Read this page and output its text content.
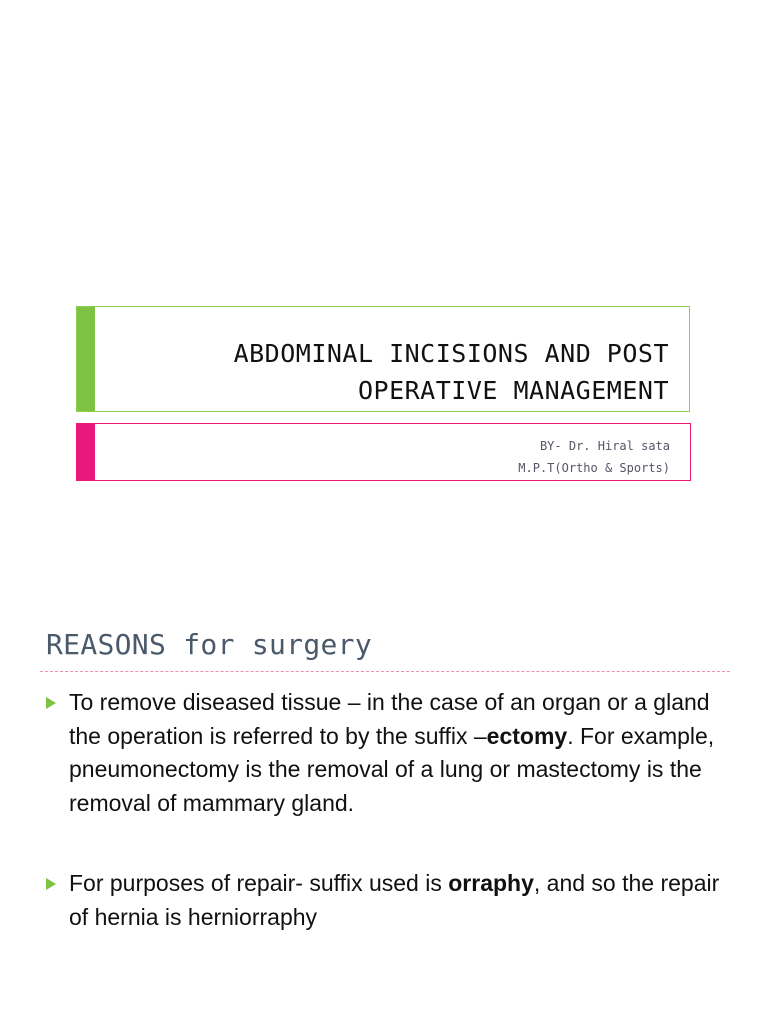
ABDOMINAL INCISIONS AND POST
OPERATIVE MANAGEMENT
BY- Dr. Hiral sata
M.P.T(Ortho & Sports)
REASONS for surgery
To remove diseased tissue – in the case of an organ or a gland the operation is referred to by the suffix –ectomy. For example, pneumonectomy is the removal of a lung or mastectomy is the removal of mammary gland.
For purposes of repair- suffix used is orraphy, and so the repair of hernia is herniorraphy
